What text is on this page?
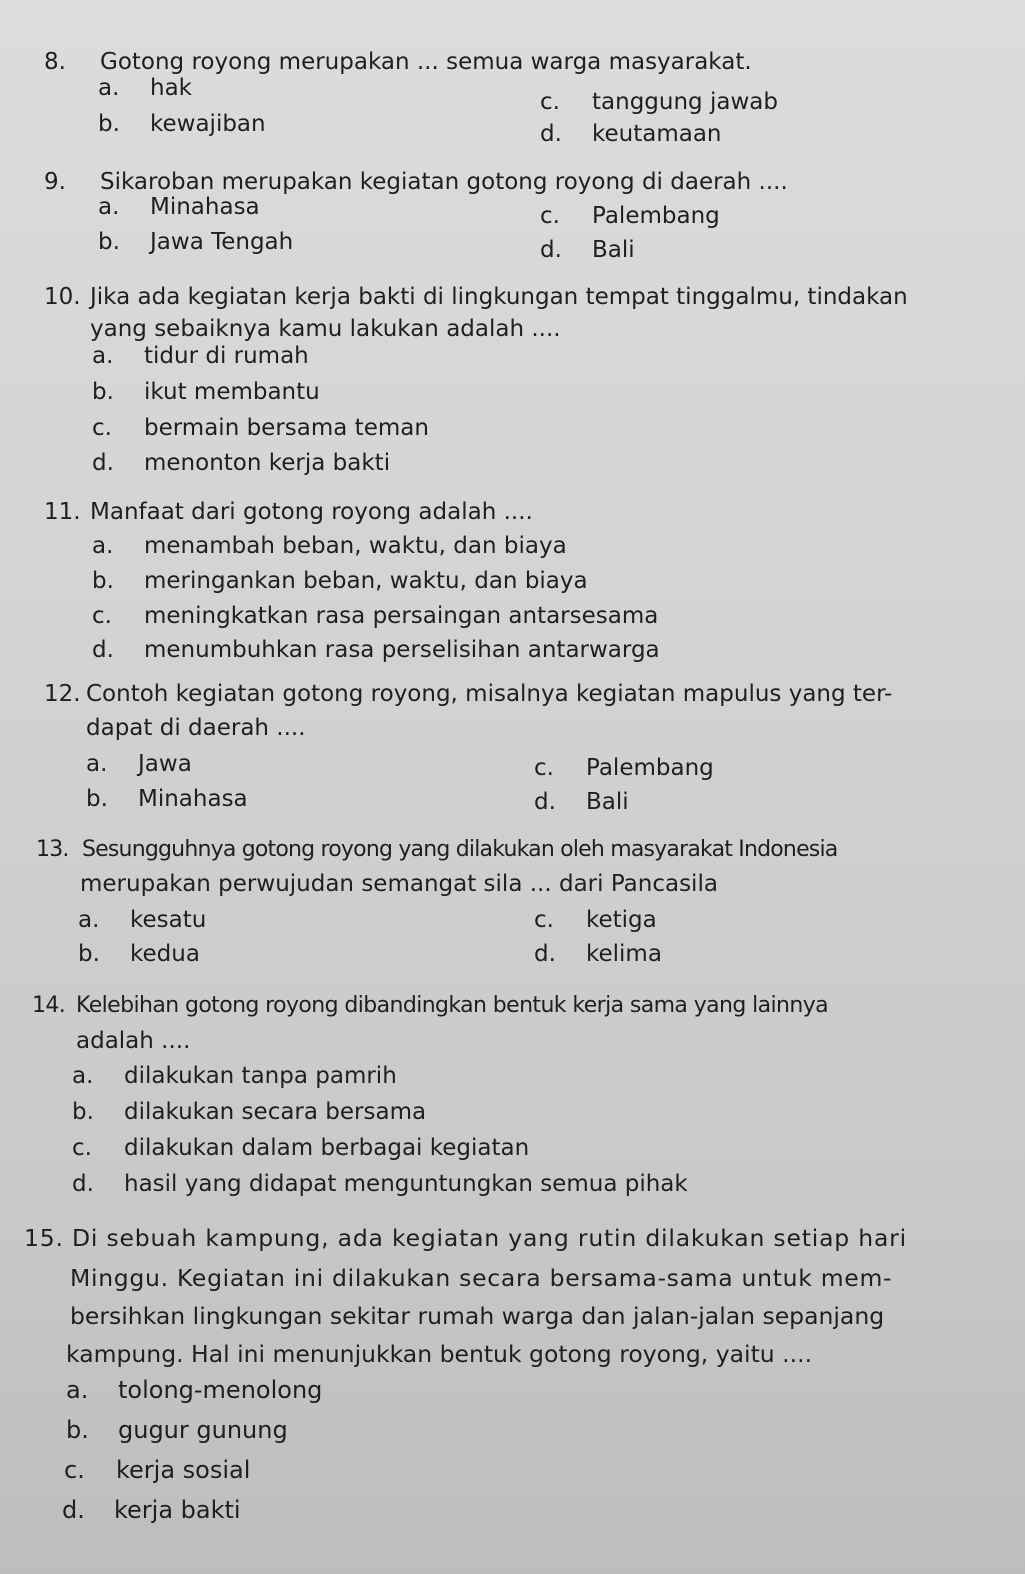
8. Gotong royong merupakan ... semua warga masyarakat.
a. hak
b. kewajiban
c. tanggung jawab
d. keutamaan
9. Sikaroban merupakan kegiatan gotong royong di daerah ....
a. Minahasa
b. Jawa Tengah
c. Palembang
d. Bali
10. Jika ada kegiatan kerja bakti di lingkungan tempat tinggalmu, tindakan
yang sebaiknya kamu lakukan adalah ....
a. tidur di rumah
b. ikut membantu
c. bermain bersama teman
d. menonton kerja bakti
11. Manfaat dari gotong royong adalah ....
a. menambah beban, waktu, dan biaya
b. meringankan beban, waktu, dan biaya
c. meningkatkan rasa persaingan antarsesama
d. menumbuhkan rasa perselisihan antarwarga
12. Contoh kegiatan gotong royong, misalnya kegiatan mapulus yang ter-
dapat di daerah ....
a. Jawa
b. Minahasa
c. Palembang
d. Bali
13. Sesungguhnya gotong royong yang dilakukan oleh masyarakat Indonesia
merupakan perwujudan semangat sila ... dari Pancasila
a. kesatu
b. kedua
c. ketiga
d. kelima
14. Kelebihan gotong royong dibandingkan bentuk kerja sama yang lainnya
adalah ....
a. dilakukan tanpa pamrih
b. dilakukan secara bersama
c. dilakukan dalam berbagai kegiatan
d. hasil yang didapat menguntungkan semua pihak
15. Di sebuah kampung, ada kegiatan yang rutin dilakukan setiap hari
Minggu. Kegiatan ini dilakukan secara bersama-sama untuk mem-
bersihkan lingkungan sekitar rumah warga dan jalan-jalan sepanjang
kampung. Hal ini menunjukkan bentuk gotong royong, yaitu ....
a. tolong-menolong
b. gugur gunung
c. kerja sosial
d. kerja bakti
